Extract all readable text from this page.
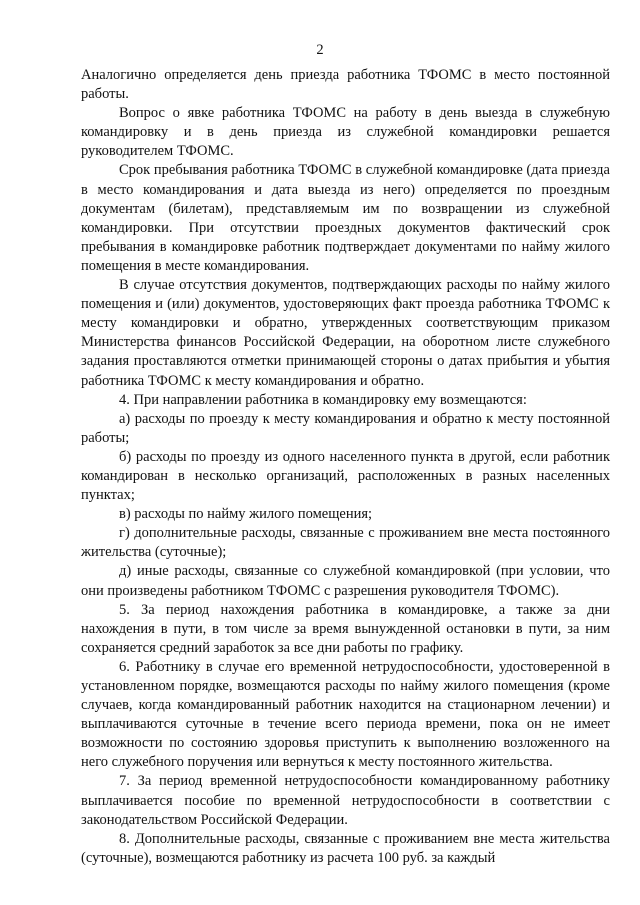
2

Аналогично определяется день приезда работника ТФОМС в место постоянной работы.

Вопрос о явке работника ТФОМС на работу в день выезда в служебную командировку и в день приезда из служебной командировки решается руководителем ТФОМС.

Срок пребывания работника ТФОМС в служебной командировке (дата приезда в место командирования и дата выезда из него) определяется по проездным документам (билетам), представляемым им по возвращении из служебной командировки. При отсутствии проездных документов фактический срок пребывания в командировке работник подтверждает документами по найму жилого помещения в месте командирования.

В случае отсутствия документов, подтверждающих расходы по найму жилого помещения и (или) документов, удостоверяющих факт проезда работника ТФОМС к месту командировки и обратно, утвержденных соответствующим приказом Министерства финансов Российской Федерации, на оборотном листе служебного задания проставляются отметки принимающей стороны о датах прибытия и убытия работника ТФОМС к месту командирования и обратно.

4. При направлении работника в командировку ему возмещаются:

а) расходы по проезду к месту командирования и обратно к месту постоянной работы;

б) расходы по проезду из одного населенного пункта в другой, если работник командирован в несколько организаций, расположенных в разных населенных пунктах;

в) расходы по найму жилого помещения;

г) дополнительные расходы, связанные с проживанием вне места постоянного жительства (суточные);

д) иные расходы, связанные со служебной командировкой (при условии, что они произведены работником ТФОМС с разрешения руководителя ТФОМС).

5. За период нахождения работника в командировке, а также за дни нахождения в пути, в том числе за время вынужденной остановки в пути, за ним сохраняется средний заработок за все дни работы по графику.

6. Работнику в случае его временной нетрудоспособности, удостоверенной в установленном порядке, возмещаются расходы по найму жилого помещения (кроме случаев, когда командированный работник находится на стационарном лечении) и выплачиваются суточные в течение всего периода времени, пока он не имеет возможности по состоянию здоровья приступить к выполнению возложенного на него служебного поручения или вернуться к месту постоянного жительства.

7. За период временной нетрудоспособности командированному работнику выплачивается пособие по временной нетрудоспособности в соответствии с законодательством Российской Федерации.

8. Дополнительные расходы, связанные с проживанием вне места жительства (суточные), возмещаются работнику из расчета 100 руб. за каждый
